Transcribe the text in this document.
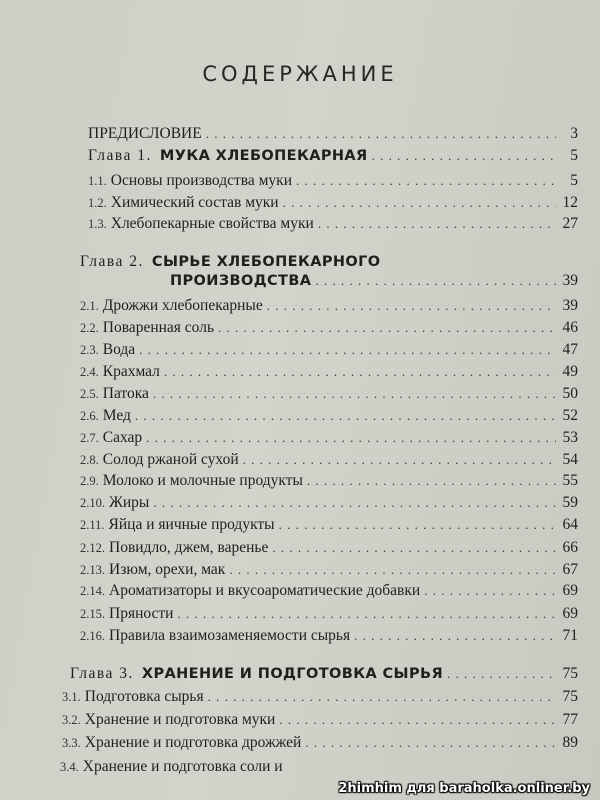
СОДЕРЖАНИЕ
ПРЕДИСЛОВИЕ . . .	3
Глава 1. МУКА ХЛЕБОПЕКАРНАЯ . . .	5
1.1. Основы производства муки . . .	5
1.2. Химический состав муки . . .	12
1.3. Хлебопекарные свойства муки . . .	27
Глава 2. СЫРЬЕ ХЛЕБОПЕКАРНОГО
ПРОИЗВОДСТВА . . .	39
2.1. Дрожжи хлебопекарные . . .	39
2.2. Поваренная соль . . .	46
2.3. Вода . . .	47
2.4. Крахмал . . .	49
2.5. Патока . . .	50
2.6. Мед . . .	52
2.7. Сахар . . .	53
2.8. Солод ржаной сухой . . .	54
2.9. Молоко и молочные продукты . . .	55
2.10. Жиры . . .	59
2.11. Яйца и яичные продукты . . .	64
2.12. Повидло, джем, варенье . . .	66
2.13. Изюм, орехи, мак . . .	67
2.14. Ароматизаторы и вкусоароматические добавки . . .	69
2.15. Пряности . . .	69
2.16. Правила взаимозаменяемости сырья . . .	71
Глава 3. ХРАНЕНИЕ И ПОДГОТОВКА СЫРЬЯ . . .	75
3.1. Подготовка сырья . . .	75
3.2. Хранение и подготовка муки . . .	77
3.3. Хранение и подготовка дрожжей . . .	89
3.4. Хранение и подготовка соли и
2himhim для baraholka.onliner.by
